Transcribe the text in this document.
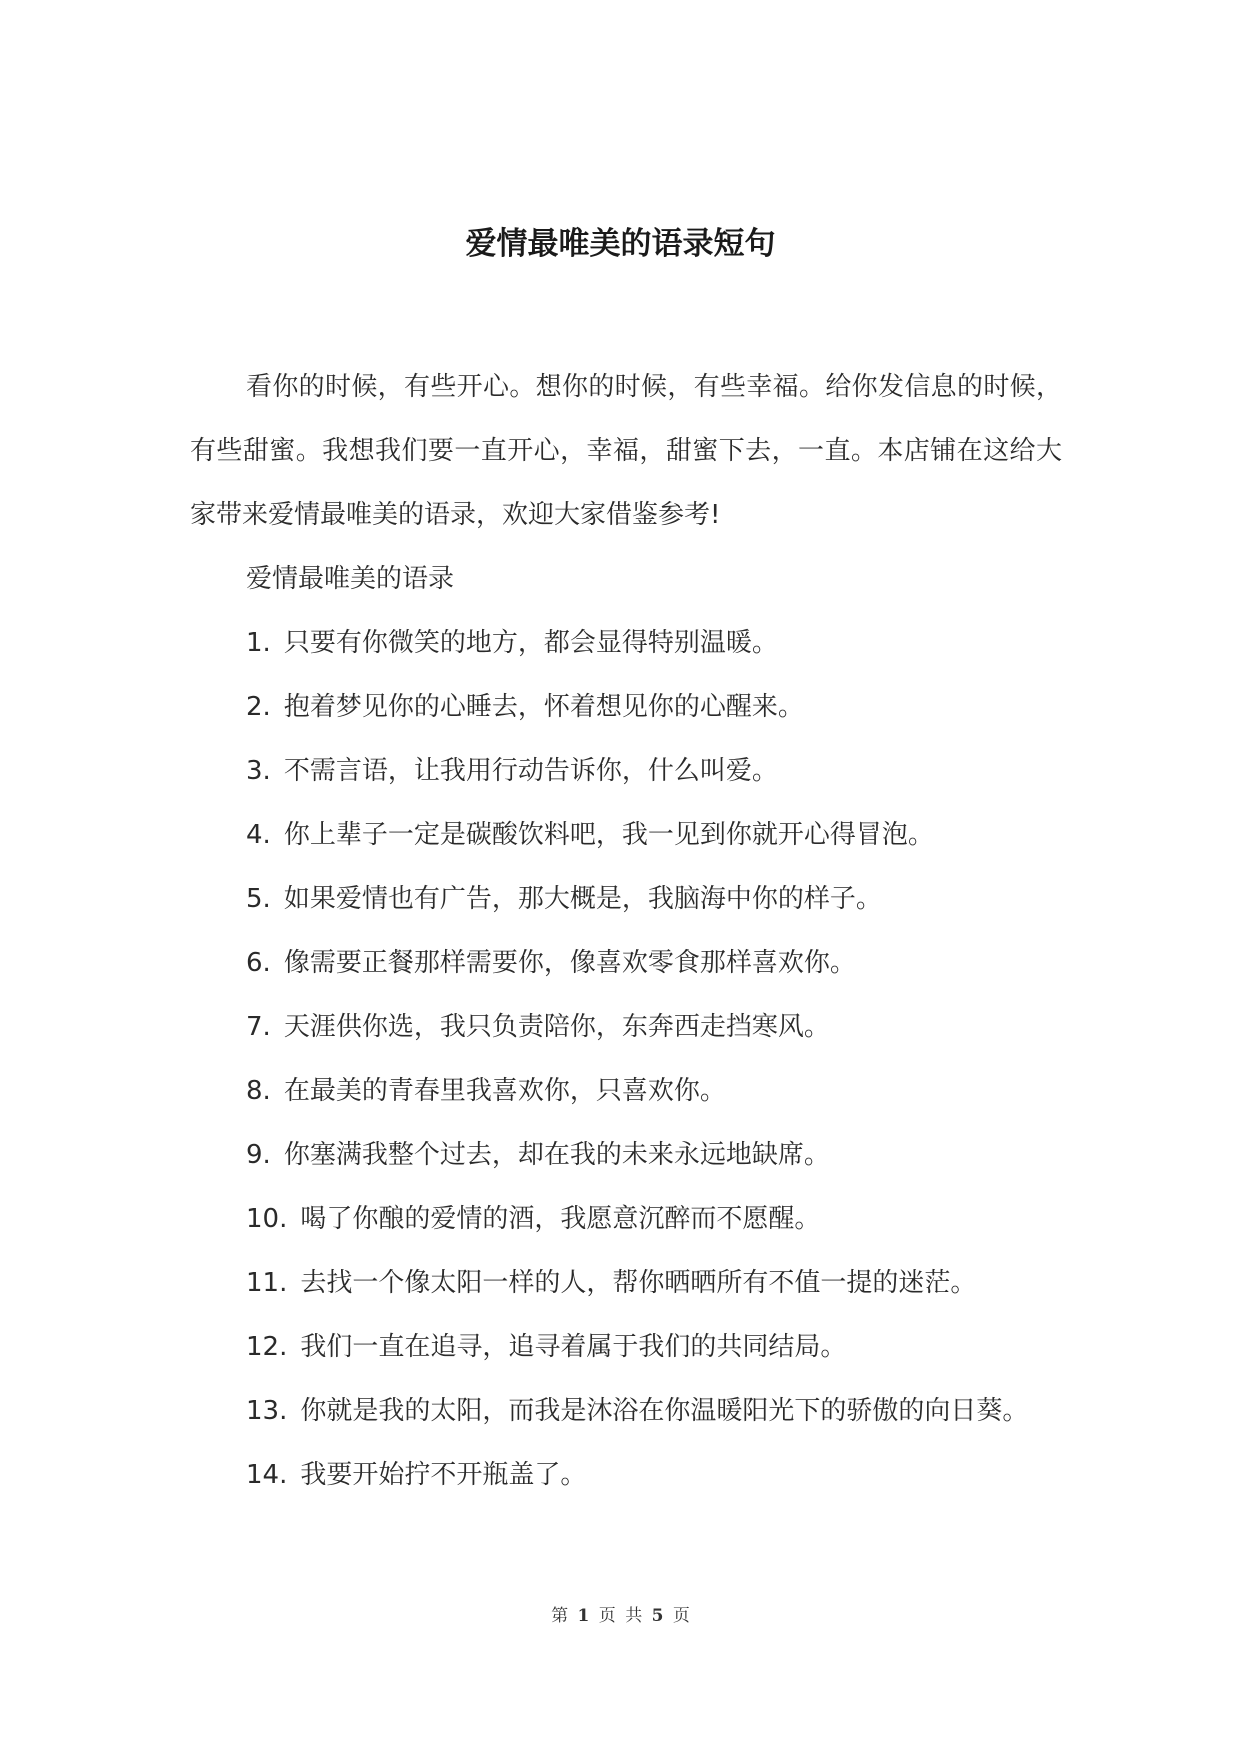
爱情最唯美的语录短句

看你的时候，有些开心。想你的时候，有些幸福。给你发信息的时候，有些甜蜜。我想我们要一直开心，幸福，甜蜜下去，一直。本店铺在这给大家带来爱情最唯美的语录，欢迎大家借鉴参考!

爱情最唯美的语录

1. 只要有你微笑的地方，都会显得特别温暖。

2. 抱着梦见你的心睡去，怀着想见你的心醒来。

3. 不需言语，让我用行动告诉你，什么叫爱。

4. 你上辈子一定是碳酸饮料吧，我一见到你就开心得冒泡。

5. 如果爱情也有广告，那大概是，我脑海中你的样子。

6. 像需要正餐那样需要你，像喜欢零食那样喜欢你。

7. 天涯供你选，我只负责陪你，东奔西走挡寒风。

8. 在最美的青春里我喜欢你，只喜欢你。

9. 你塞满我整个过去，却在我的未来永远地缺席。

10. 喝了你酿的爱情的酒，我愿意沉醉而不愿醒。

11. 去找一个像太阳一样的人，帮你晒晒所有不值一提的迷茫。

12. 我们一直在追寻，追寻着属于我们的共同结局。

13. 你就是我的太阳，而我是沐浴在你温暖阳光下的骄傲的向日葵。

14. 我要开始拧不开瓶盖了。

第 1 页 共 5 页
